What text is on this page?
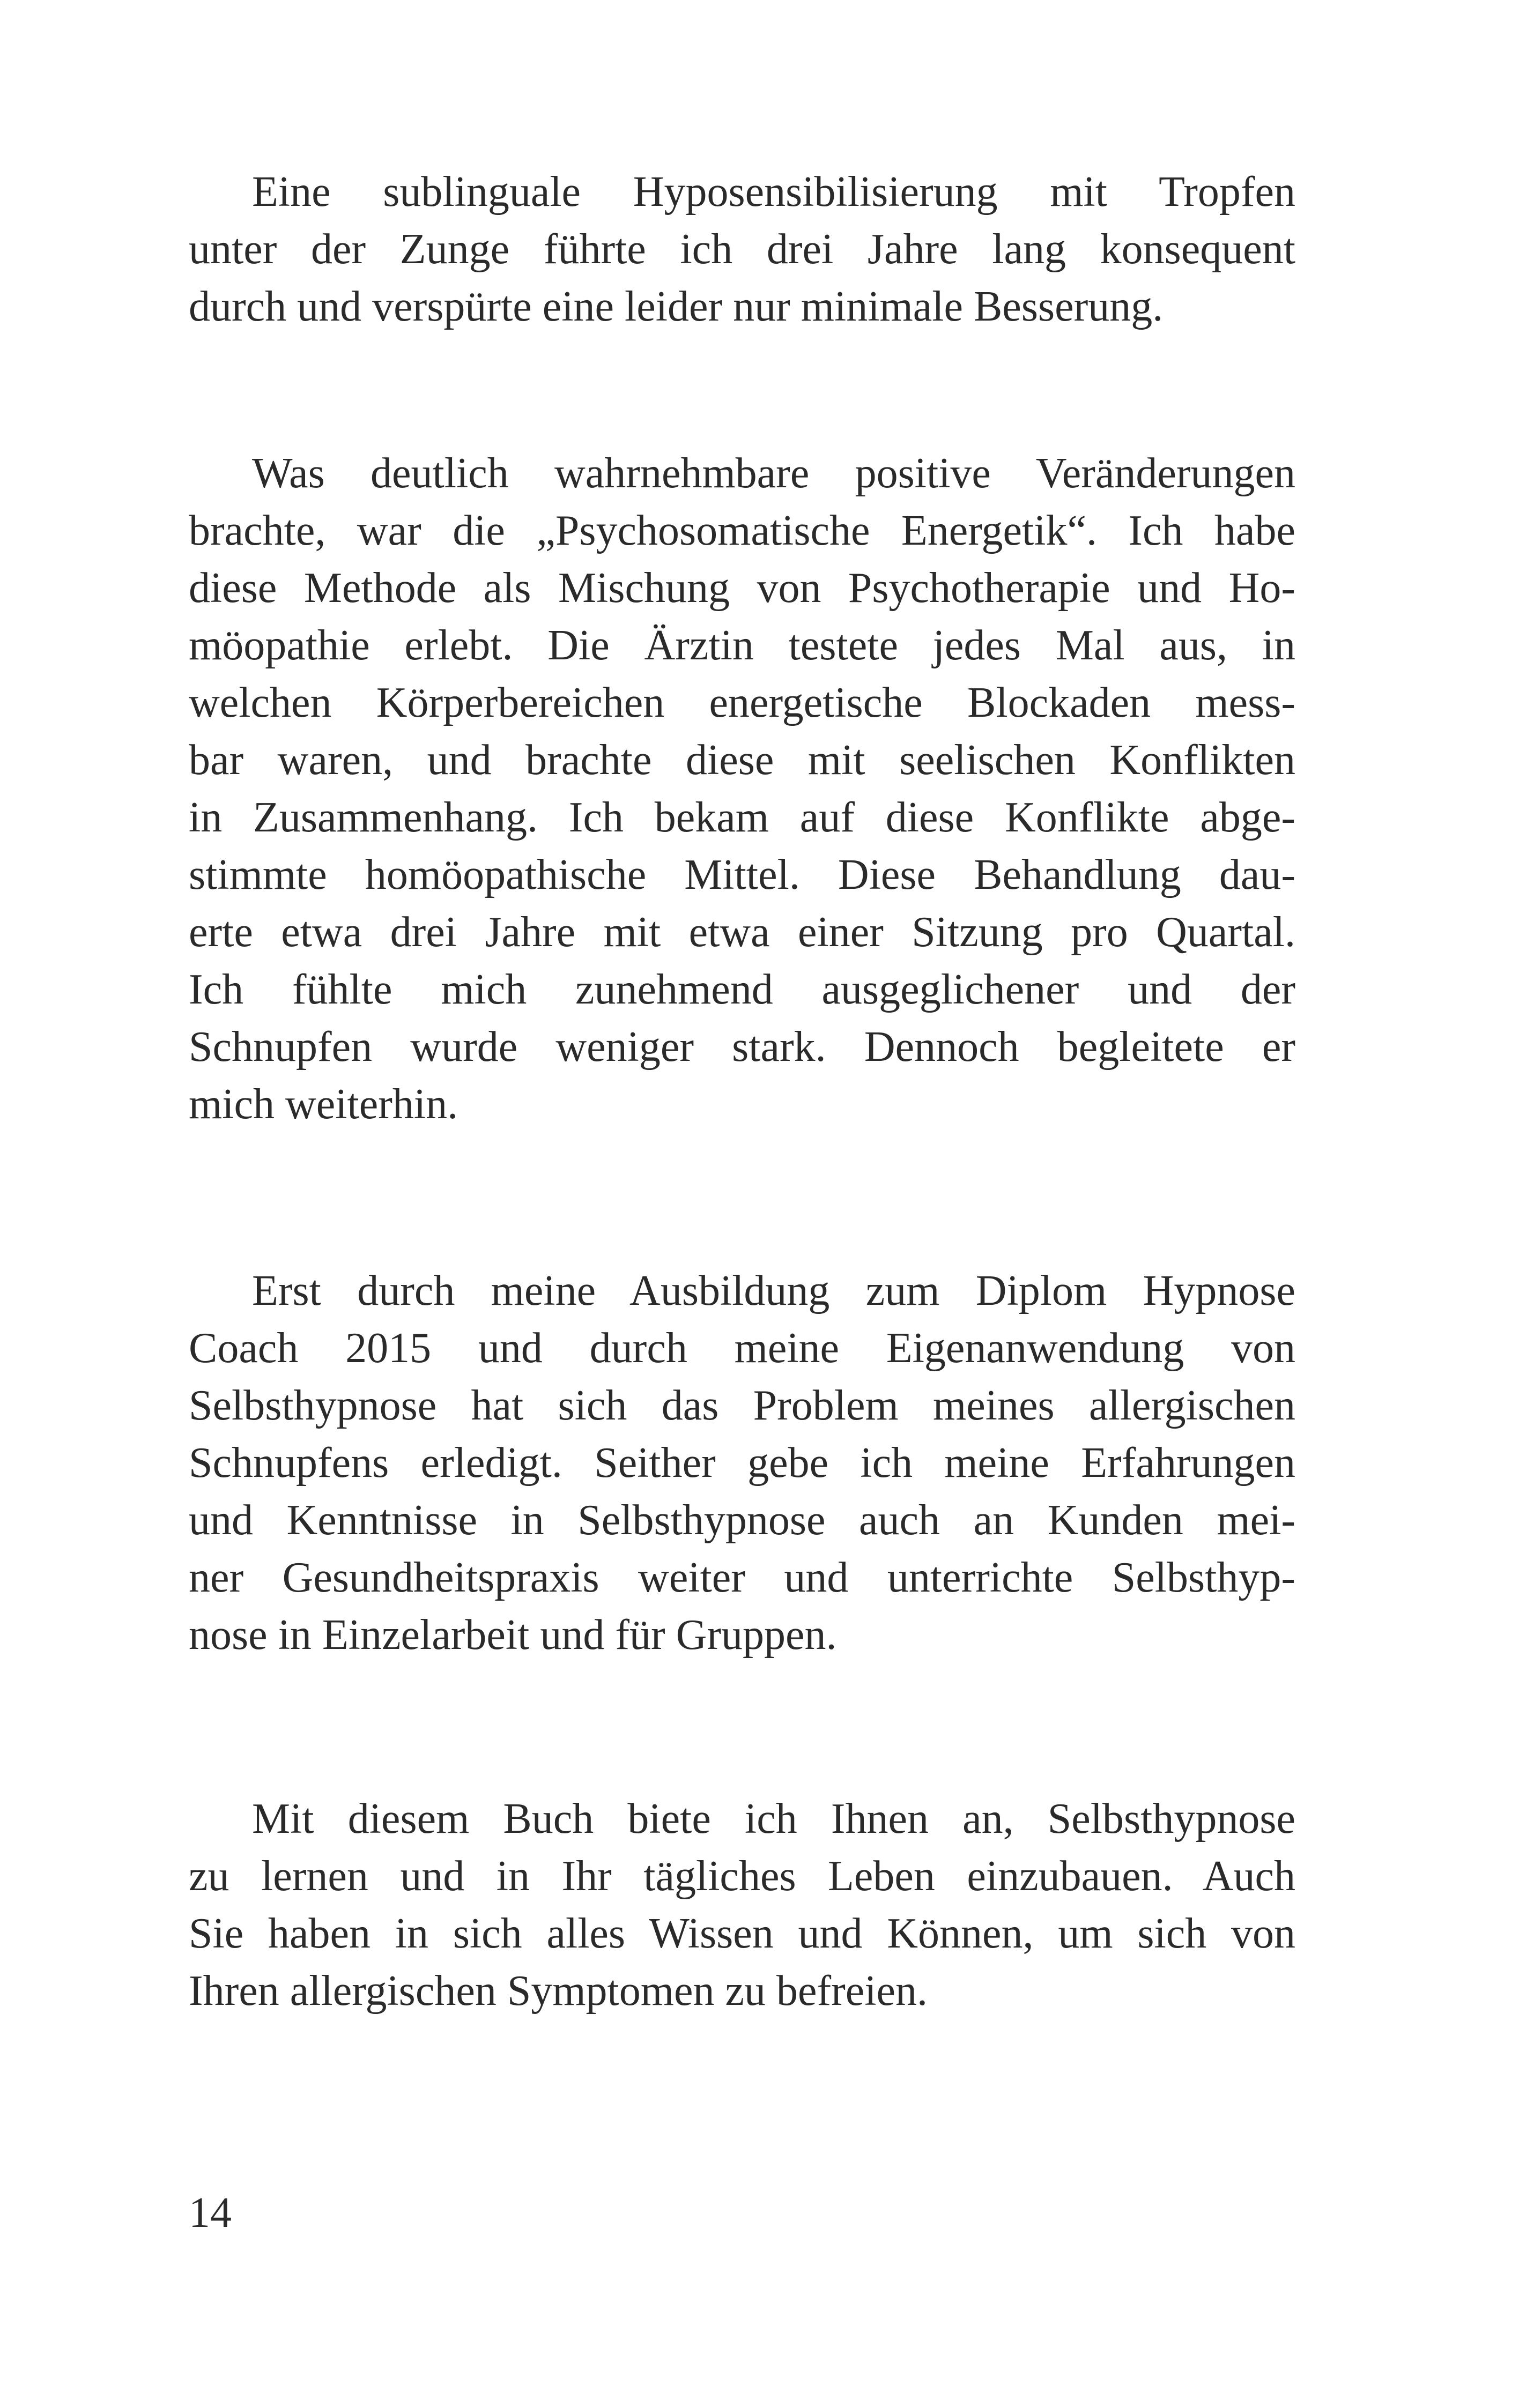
Eine sublinguale Hyposensibilisierung mit Tropfen
unter der Zunge führte ich drei Jahre lang konsequent
durch und verspürte eine leider nur minimale Besserung.
Was deutlich wahrnehmbare positive Veränderungen
brachte, war die „Psychosomatische Energetik“. Ich habe
diese Methode als Mischung von Psychotherapie und Ho-
möopathie erlebt. Die Ärztin testete jedes Mal aus, in
welchen Körperbereichen energetische Blockaden mess-
bar waren, und brachte diese mit seelischen Konflikten
in Zusammenhang. Ich bekam auf diese Konflikte abge-
stimmte homöopathische Mittel. Diese Behandlung dau-
erte etwa drei Jahre mit etwa einer Sitzung pro Quartal.
Ich fühlte mich zunehmend ausgeglichener und der
Schnupfen wurde weniger stark. Dennoch begleitete er
mich weiterhin.
Erst durch meine Ausbildung zum Diplom Hypnose
Coach 2015 und durch meine Eigenanwendung von
Selbsthypnose hat sich das Problem meines allergischen
Schnupfens erledigt. Seither gebe ich meine Erfahrungen
und Kenntnisse in Selbsthypnose auch an Kunden mei-
ner Gesundheitspraxis weiter und unterrichte Selbsthyp-
nose in Einzelarbeit und für Gruppen.
Mit diesem Buch biete ich Ihnen an, Selbsthypnose
zu lernen und in Ihr tägliches Leben einzubauen. Auch
Sie haben in sich alles Wissen und Können, um sich von
Ihren allergischen Symptomen zu befreien.
14
